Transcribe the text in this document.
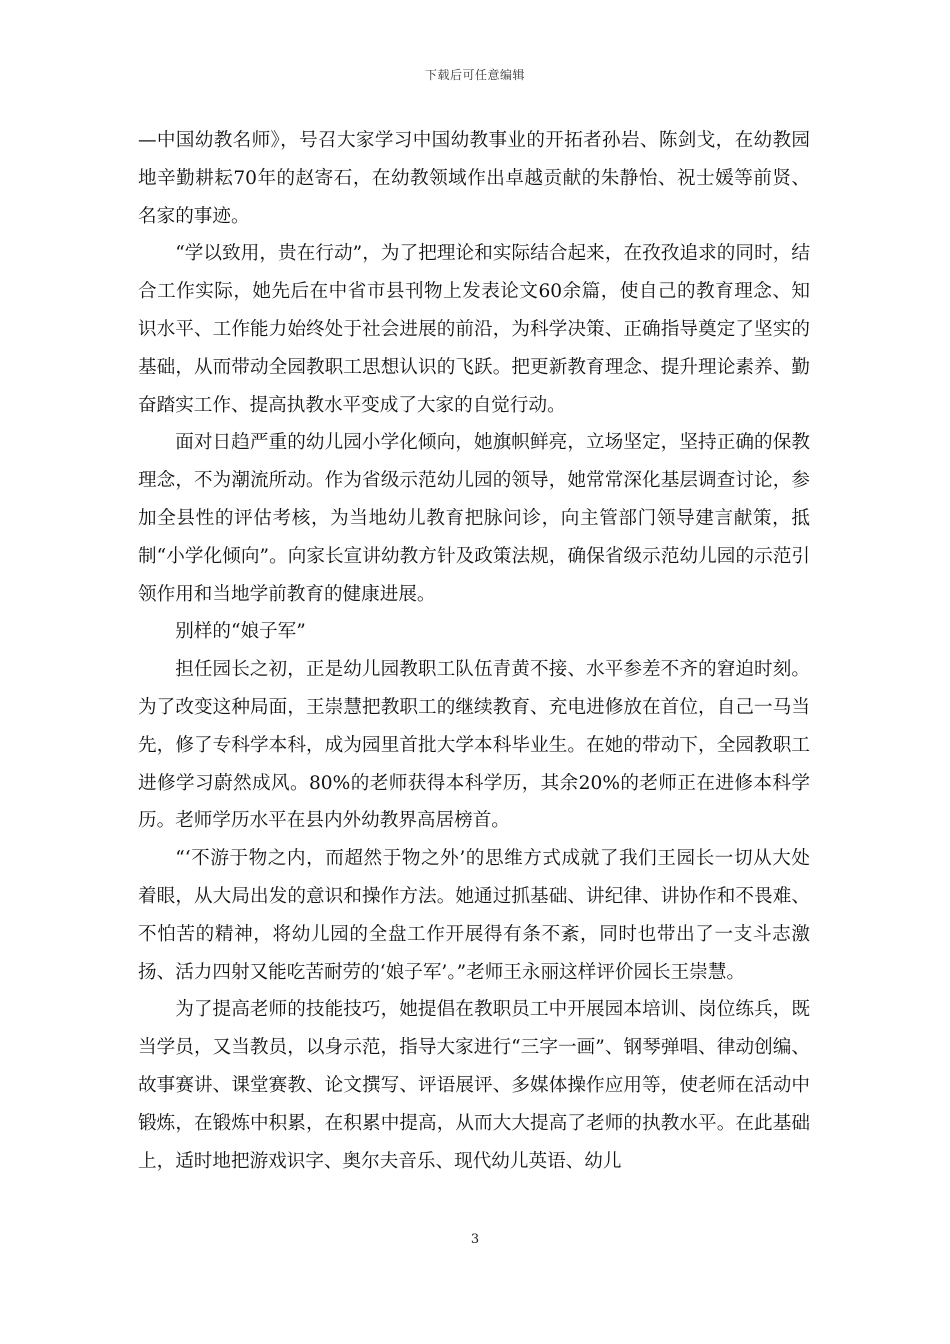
下载后可任意编辑

—中国幼教名师》，号召大家学习中国幼教事业的开拓者孙岩、陈剑戈，在幼教园地辛勤耕耘70年的赵寄石，在幼教领域作出卓越贡献的朱静怡、祝士媛等前贤、名家的事迹。

“学以致用，贵在行动”，为了把理论和实际结合起来，在孜孜追求的同时，结合工作实际，她先后在中省市县刊物上发表论文60余篇，使自己的教育理念、知识水平、工作能力始终处于社会进展的前沿，为科学决策、正确指导奠定了坚实的基础，从而带动全园教职工思想认识的飞跃。把更新教育理念、提升理论素养、勤奋踏实工作、提高执教水平变成了大家的自觉行动。

面对日趋严重的幼儿园小学化倾向，她旗帜鲜亮，立场坚定，坚持正确的保教理念，不为潮流所动。作为省级示范幼儿园的领导，她常常深化基层调查讨论，参加全县性的评估考核，为当地幼儿教育把脉问诊，向主管部门领导建言献策，抵制“小学化倾向”。向家长宣讲幼教方针及政策法规，确保省级示范幼儿园的示范引领作用和当地学前教育的健康进展。

别样的“娘子军”

担任园长之初，正是幼儿园教职工队伍青黄不接、水平参差不齐的窘迫时刻。为了改变这种局面，王崇慧把教职工的继续教育、充电进修放在首位，自己一马当先，修了专科学本科，成为园里首批大学本科毕业生。在她的带动下，全园教职工进修学习蔚然成风。80%的老师获得本科学历，其余20%的老师正在进修本科学历。老师学历水平在县内外幼教界高居榜首。

“‘不游于物之内，而超然于物之外’的思维方式成就了我们王园长一切从大处着眼，从大局出发的意识和操作方法。她通过抓基础、讲纪律、讲协作和不畏难、不怕苦的精神，将幼儿园的全盘工作开展得有条不紊，同时也带出了一支斗志激扬、活力四射又能吃苦耐劳的‘娘子军’。”老师王永丽这样评价园长王崇慧。

为了提高老师的技能技巧，她提倡在教职员工中开展园本培训、岗位练兵，既当学员，又当教员，以身示范，指导大家进行“三字一画”、钢琴弹唱、律动创编、故事赛讲、课堂赛教、论文撰写、评语展评、多媒体操作应用等，使老师在活动中锻炼，在锻炼中积累，在积累中提高，从而大大提高了老师的执教水平。在此基础上，适时地把游戏识字、奥尔夫音乐、现代幼儿英语、幼儿

3
